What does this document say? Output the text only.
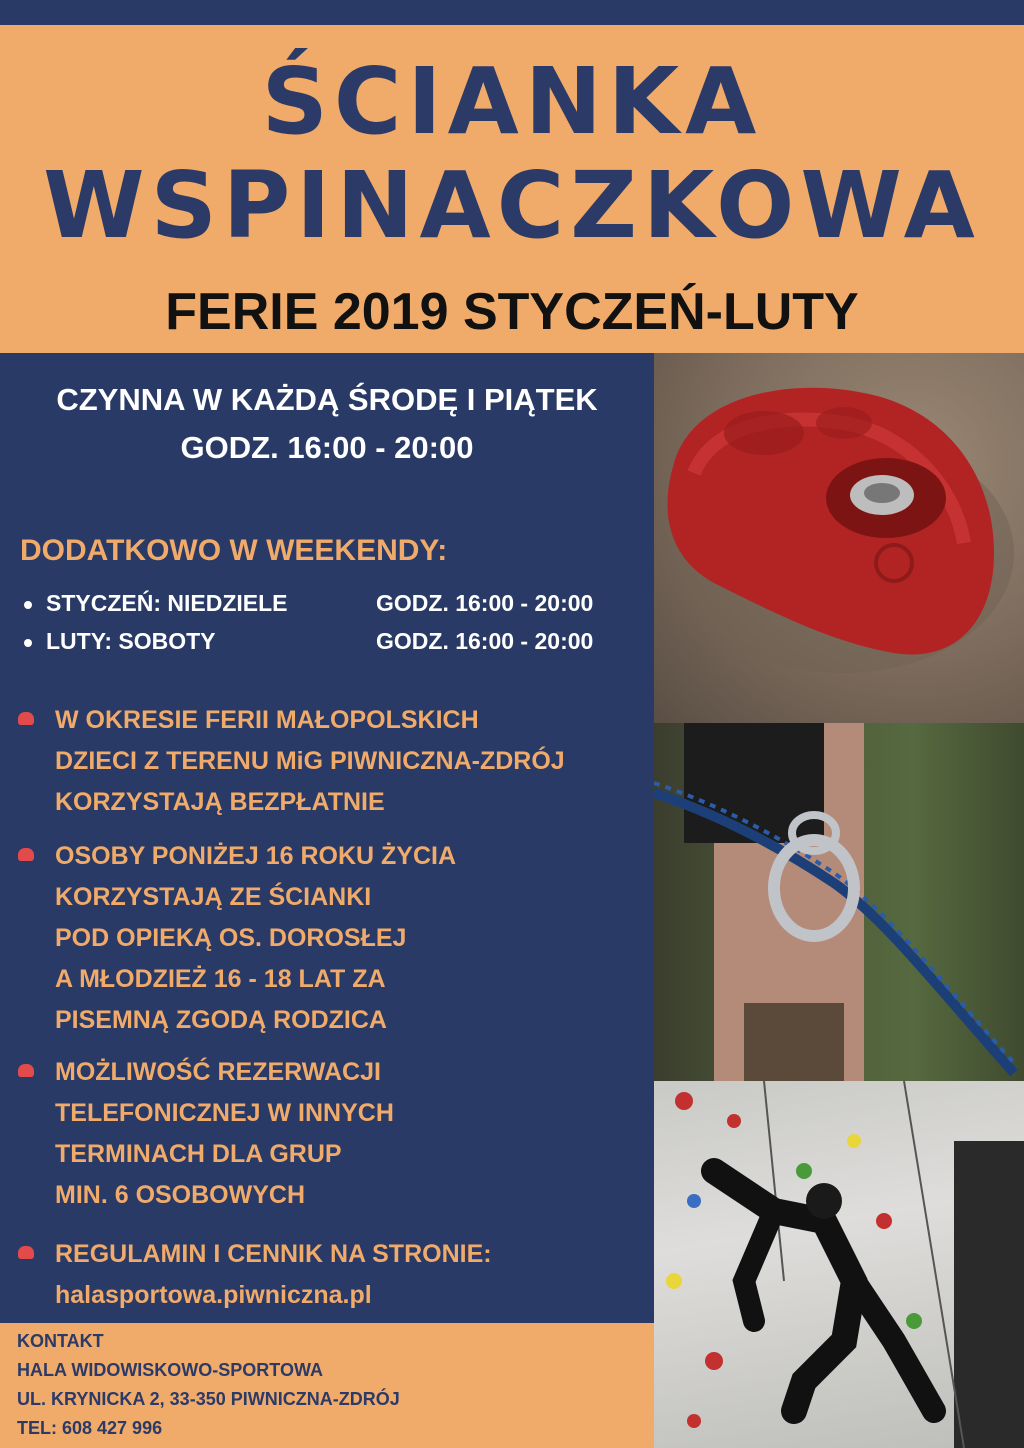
ŚCIANKA
WSPINACZKOWA
FERIE 2019 STYCZEŃ-LUTY
CZYNNA W KAŻDĄ ŚRODĘ I PIĄTEK
GODZ. 16:00 - 20:00
DODATKOWO W WEEKENDY:
STYCZEŃ: NIEDZIELE	GODZ. 16:00 - 20:00
LUTY: SOBOTY	GODZ. 16:00 - 20:00
W OKRESIE FERII MAŁOPOLSKICH
DZIECI Z TERENU MiG PIWNICZNA-ZDRÓJ
KORZYSTAJĄ BEZPŁATNIE
OSOBY PONIŻEJ 16 ROKU ŻYCIA
KORZYSTAJĄ ZE ŚCIANKI
POD OPIEKĄ OS. DOROSŁEJ
A MŁODZIEŻ 16 - 18 LAT ZA
PISEMNĄ ZGODĄ RODZICA
MOŻLIWOŚĆ REZERWACJI
TELEFONICZNEJ W INNYCH
TERMINACH DLA GRUP
MIN. 6 OSOBOWYCH
REGULAMIN I CENNIK NA STRONIE:
halasportowa.piwniczna.pl
KONTAKT
HALA WIDOWISKOWO-SPORTOWA
UL. KRYNICKA 2, 33-350 PIWNICZNA-ZDRÓJ
TEL: 608 427 996
